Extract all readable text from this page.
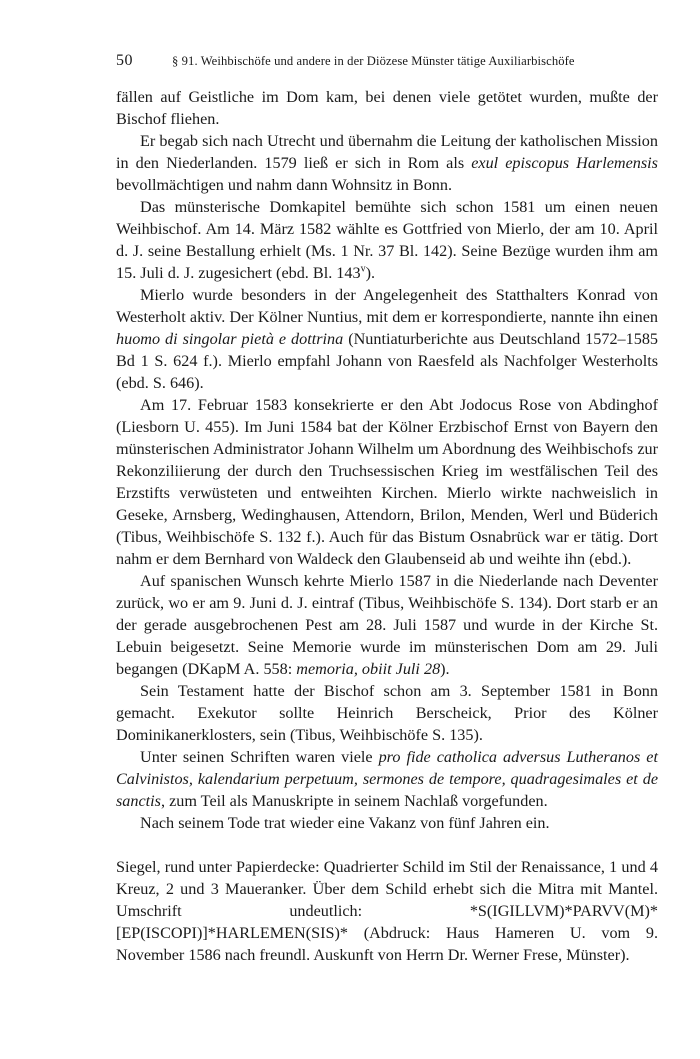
50	§ 91. Weihbischöfe und andere in der Diözese Münster tätige Auxiliarbischöfe

fällen auf Geistliche im Dom kam, bei denen viele getötet wurden, mußte der Bischof fliehen.

Er begab sich nach Utrecht und übernahm die Leitung der katholischen Mission in den Niederlanden. 1579 ließ er sich in Rom als exul episcopus Harlemensis bevollmächtigen und nahm dann Wohnsitz in Bonn.

Das münsterische Domkapitel bemühte sich schon 1581 um einen neuen Weihbischof. Am 14. März 1582 wählte es Gottfried von Mierlo, der am 10. April d. J. seine Bestallung erhielt (Ms. 1 Nr. 37 Bl. 142). Seine Bezüge wurden ihm am 15. Juli d. J. zugesichert (ebd. Bl. 143$^v$).

Mierlo wurde besonders in der Angelegenheit des Statthalters Konrad von Westerholt aktiv. Der Kölner Nuntius, mit dem er korrespondierte, nannte ihn einen huomo di singolar pietà e dottrina (Nuntiaturberichte aus Deutschland 1572–1585 Bd 1 S. 624 f.). Mierlo empfahl Johann von Raesfeld als Nachfolger Westerholts (ebd. S. 646).

Am 17. Februar 1583 konsekrierte er den Abt Jodocus Rose von Abdinghof (Liesborn U. 455). Im Juni 1584 bat der Kölner Erzbischof Ernst von Bayern den münsterischen Administrator Johann Wilhelm um Abordnung des Weihbischofs zur Rekonziliierung der durch den Truchsessischen Krieg im westfälischen Teil des Erzstifts verwüsteten und entweihten Kirchen. Mierlo wirkte nachweislich in Geseke, Arnsberg, Wedinghausen, Attendorn, Brilon, Menden, Werl und Büderich (Tibus, Weihbischöfe S. 132 f.). Auch für das Bistum Osnabrück war er tätig. Dort nahm er dem Bernhard von Waldeck den Glaubenseid ab und weihte ihn (ebd.).

Auf spanischen Wunsch kehrte Mierlo 1587 in die Niederlande nach Deventer zurück, wo er am 9. Juni d. J. eintraf (Tibus, Weihbischöfe S. 134). Dort starb er an der gerade ausgebrochenen Pest am 28. Juli 1587 und wurde in der Kirche St. Lebuin beigesetzt. Seine Memorie wurde im münsterischen Dom am 29. Juli begangen (DKapM A. 558: memoria, obiit Juli 28).

Sein Testament hatte der Bischof schon am 3. September 1581 in Bonn gemacht. Exekutor sollte Heinrich Berscheick, Prior des Kölner Dominikanerklosters, sein (Tibus, Weihbischöfe S. 135).

Unter seinen Schriften waren viele pro fide catholica adversus Lutheranos et Calvinistos, kalendarium perpetuum, sermones de tempore, quadragesimales et de sanctis, zum Teil als Manuskripte in seinem Nachlaß vorgefunden.

Nach seinem Tode trat wieder eine Vakanz von fünf Jahren ein.

Siegel, rund unter Papierdecke: Quadrierter Schild im Stil der Renaissance, 1 und 4 Kreuz, 2 und 3 Maueranker. Über dem Schild erhebt sich die Mitra mit Mantel. Umschrift undeutlich: *S(IGILLVM)*PARVV(M)*[EP(ISCOPI)]*HARLEMEN(SIS)* (Abdruck: Haus Hameren U. vom 9. November 1586 nach freundl. Auskunft von Herrn Dr. Werner Frese, Münster).
